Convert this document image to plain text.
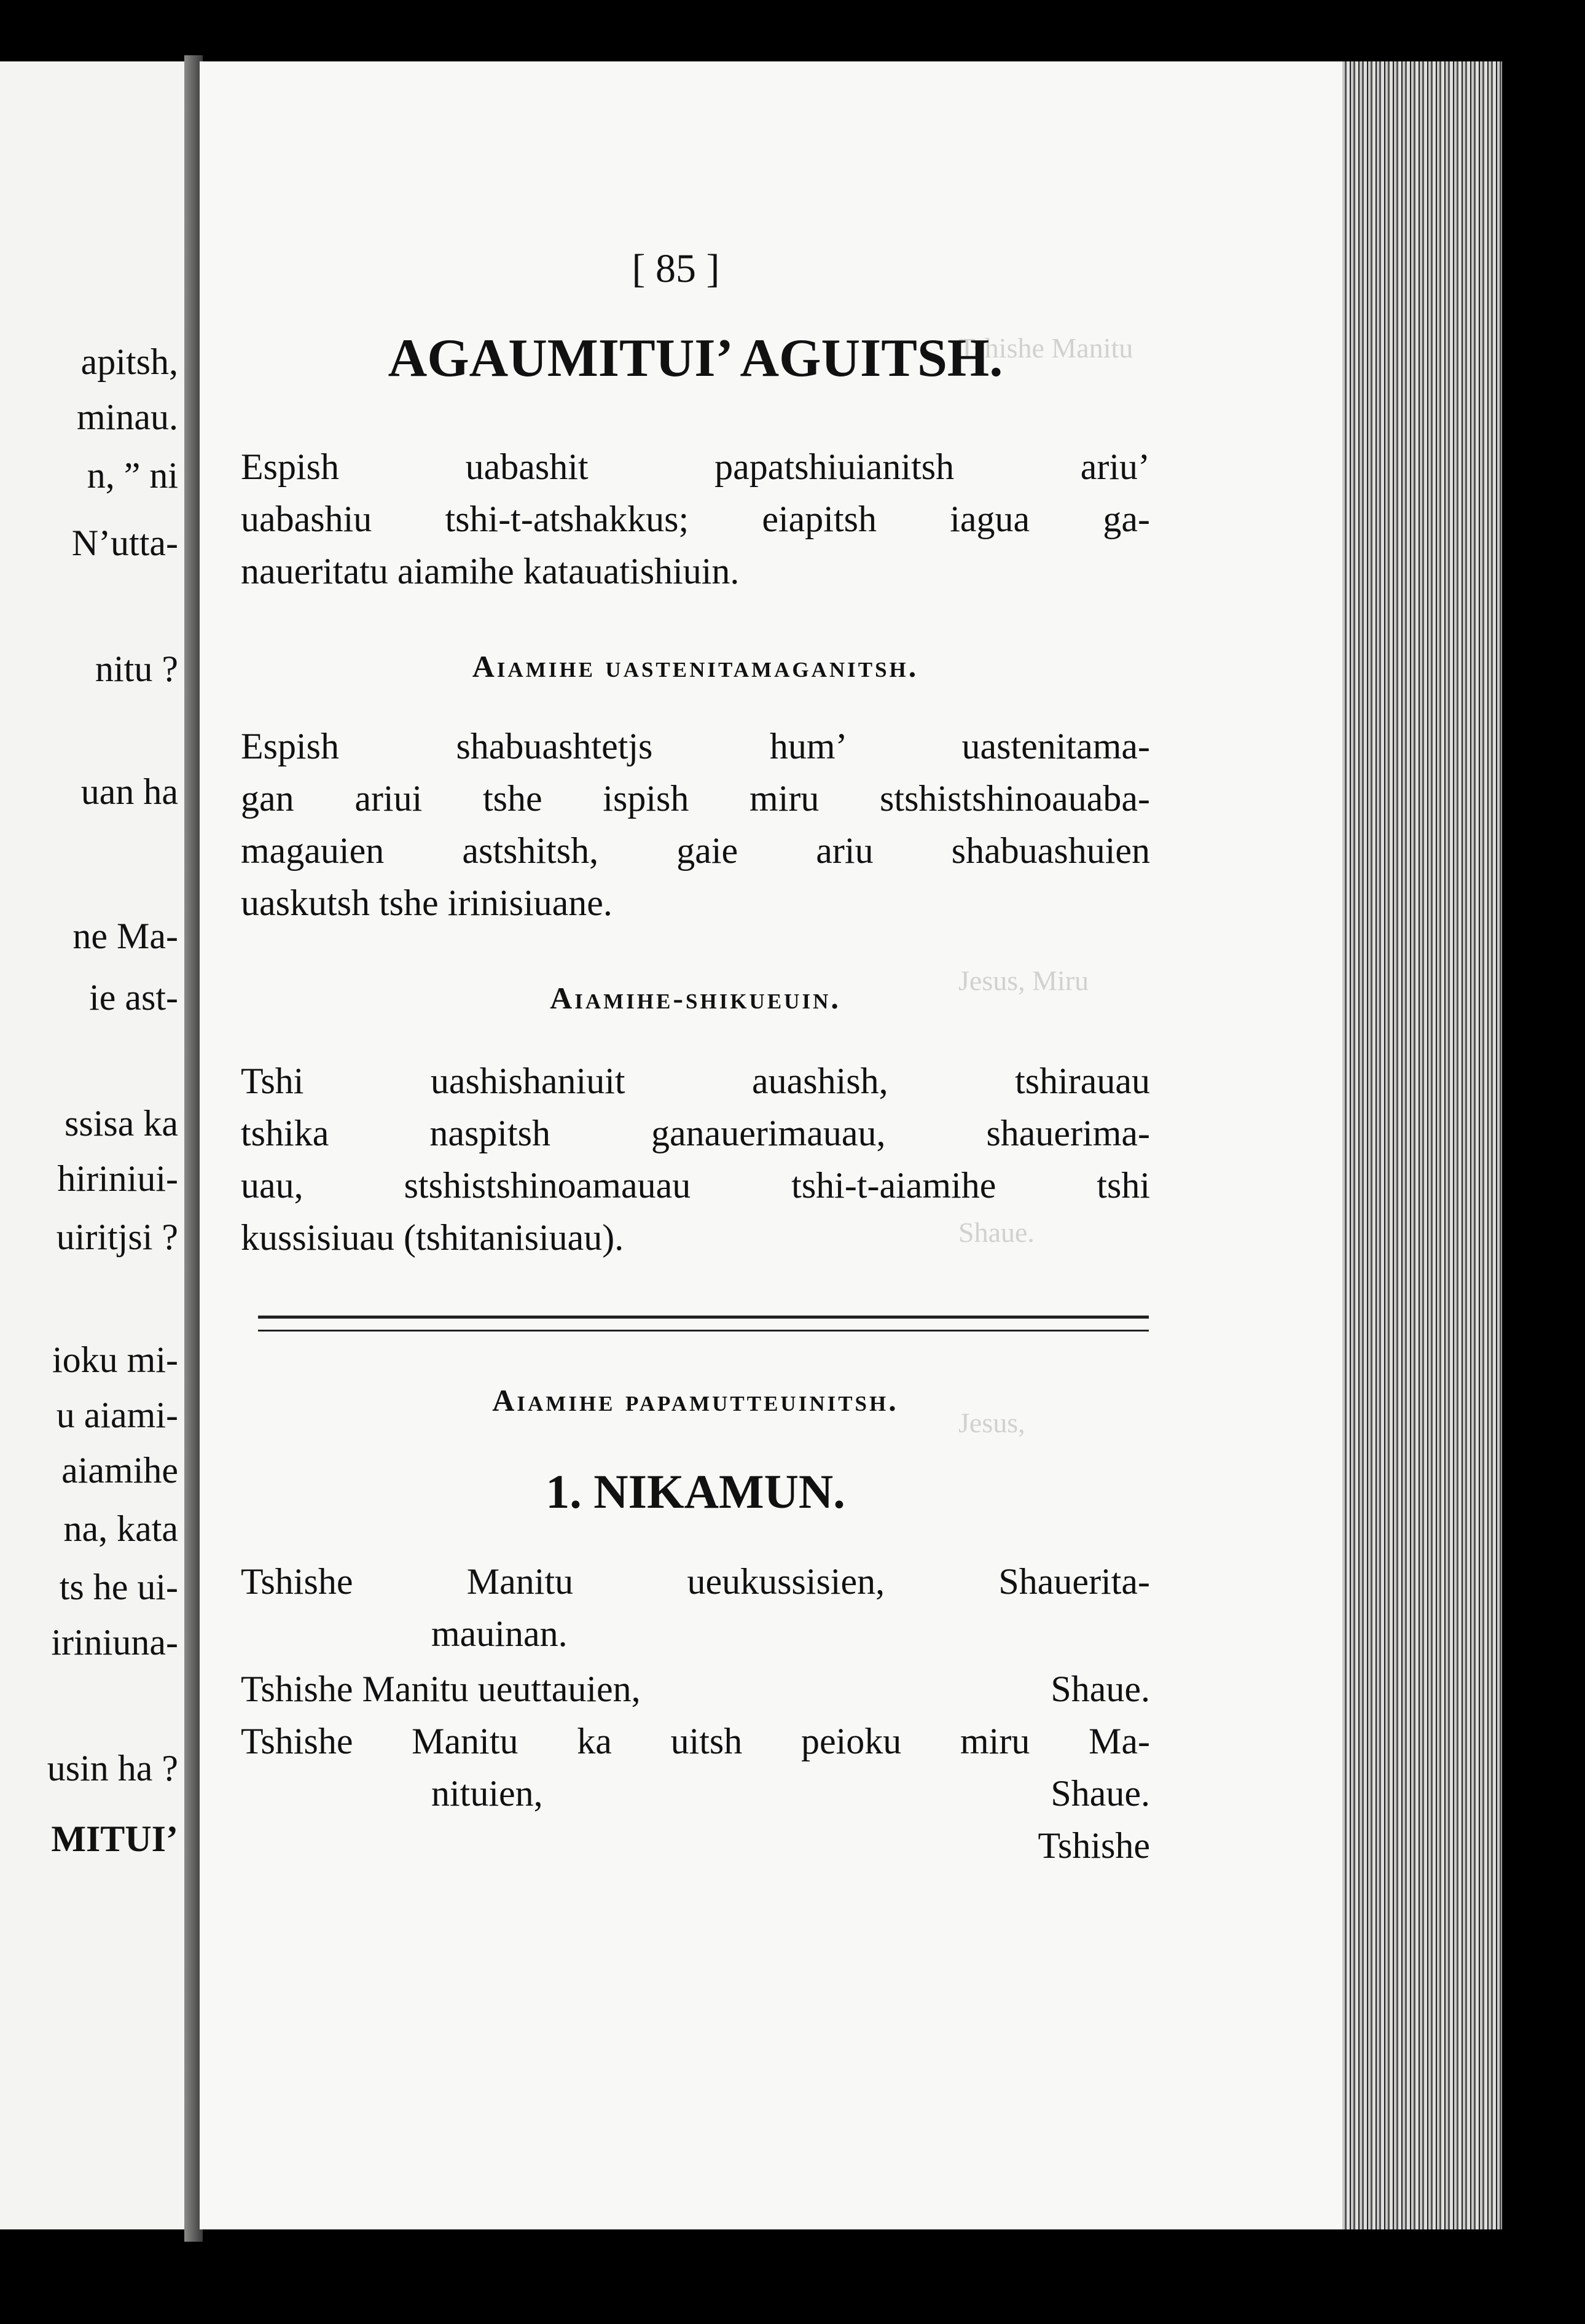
apitsh,
minau.
n, ” ni
N’utta-
nitu ?
uan ha
ne Ma-
ie ast-
ssisa ka
hiriniui-
uiritjsi ?
ioku mi-
u aiami-
aiamihe
na, kata
ts he ui-
iriniuna-
usin ha ?
MITUI’
Tshishe Manitu
Jesus, Miru
Shaue.
Jesus,
[ 85 ]
AGAUMITUI’ AGUITSH.
Espish uabashit papatshiuianitsh ariu’
uabashiu tshi-t-atshakkus; eiapitsh iagua ga-
naueritatu aiamihe katauatishiuin.
Aiamihe uastenitamaganitsh.
Espish shabuashtetjs hum’ uastenitama-
gan ariui tshe ispish miru stshistshinoauaba-
magauien astshitsh, gaie ariu shabuashuien
uaskutsh tshe irinisiuane.
Aiamihe-shikueuin.
Tshi uashishaniuit auashish, tshirauau
tshika naspitsh ganauerimauau, shauerima-
uau, stshistshinoamauau tshi-t-aiamihe tshi
kussisiuau (tshitanisiuau).
Aiamihe papamutteuinitsh.
1. NIKAMUN.
Tshishe Manitu ueukussisien, Shauerita-
mauinan.
Tshishe Manitu ueuttauien,	Shaue.
Tshishe Manitu ka uitsh peioku miru Ma-
nituien,	Shaue.
Tshishe
